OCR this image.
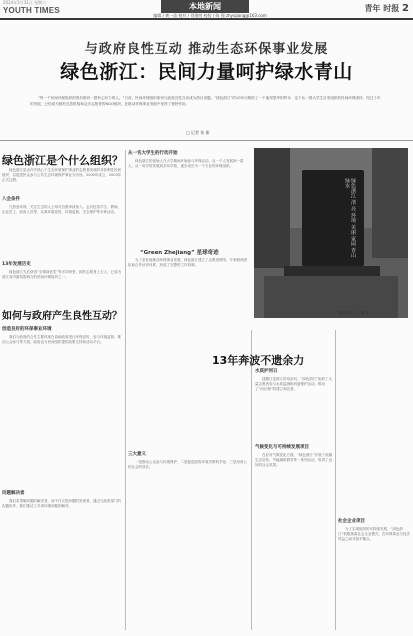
2014年5月31日 星期六
YOUTH TIMES	本地新闻
编辑 / 黄一苗 校对 / 刘建明 校验 / 陈 强 zhyiqiang@163.com
青年 时报 2
与政府良性互动 推动生态环保事业发展
绿色浙江：民间力量呵护绿水青山
“每一个民间环保组织的背后都有一群有心有力的人。”日前，民间环保组织如何与政府良性互动成为热议话题。“绿色浙江”的10年历程给了一个值得思考的样本：这个从一群大学生自发组织的民间环保团体，经过十年的发展，已经成为拥有完善机构和众多志愿者的NGO组织，在推动环保事业发展中发挥了独特作用。
□ 记者 张 新
绿色浙江是个什么组织？

绿色浙江是由许多热心于生态环境保护事业的志愿者组成的非营利性民间组织，以促进民众参与公共生态环境保护事业为宗旨。2000年成立，2003年正式注册。

入会条件

凡热爱环保、关注生态的人士均可自愿申请加入。会员包括学生、教师、企业员工、政府人员等，从事环境宣传、环境监督、生态保护等多种活动。

13年发展历史

绿色浙江先后获得“全球绿色奖”等多项荣誉，拥有志愿者上万人，已成为浙江省内最具影响力的民间环保组织之一。

如何与政府产生良性互动？
创造良好的环保事业环境

我们与政府的合作主要体现在协助政府进行环保宣传、参与环境监督、推动公众参与等方面。政府也为民间组织提供政策支持和活动平台。

问题解决者

我们希望做问题的解决者，而不仅仅是问题的发现者。通过与政府部门的沟通协作，我们推动了多项环境问题的解决。

从一名大学生的行动开始

绿色浙江的创始人在大学期间开始参与环保活动，从一个人发展到一群人，从一所学校发展到多所学校，逐步成长为一个专业的环保组织。

“Green Zhejiang” 星球奇迹

为了更好地推动环保事业发展，绿色浙江建立了志愿者网络、专家顾问团队和合作伙伴体系，形成了完整的工作机制。

三大意义

一是推动公众参与环境保护；二是促进政府环境决策科学化；三是培育公民社会的成长。

绿色浙江 清 亮 环境 美丽 家园 青山绿水
资料图片 □ 记者 张
13年奔波不遗余力
水质护河日

钱塘江是浙江的母亲河，“绿色浙江”组织了大量志愿者参与水质监测和河道保护活动，推动了“河长制”的建立和完善。

气候变化与可持续发展项目

在应对气候变化方面，“绿色浙江”开展了低碳生活宣传、节能减排倡导等一系列活动，取得了良好的社会效果。

社会企业项目

为了实现组织的可持续发展，“绿色浙江”积极探索社会企业模式，在环保事业与经济效益之间寻找平衡点。
